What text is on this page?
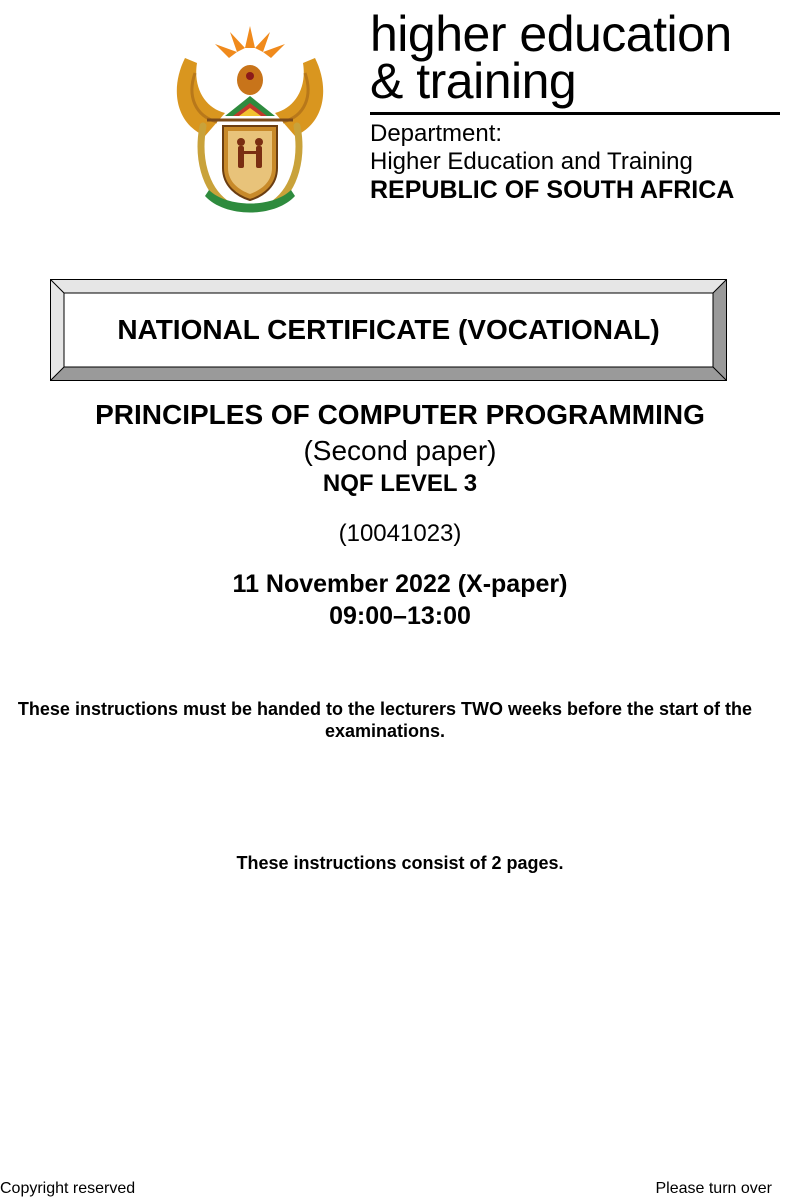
higher education
& training
Department:
Higher Education and Training
REPUBLIC OF SOUTH AFRICA
NATIONAL CERTIFICATE (VOCATIONAL)
PRINCIPLES OF COMPUTER PROGRAMMING
(Second paper)
NQF LEVEL 3
(10041023)
11 November 2022 (X-paper)
09:00–13:00
These instructions must be handed to the lecturers TWO weeks before the start of the examinations.
These instructions consist of 2 pages.
Copyright reserved	Please turn over
